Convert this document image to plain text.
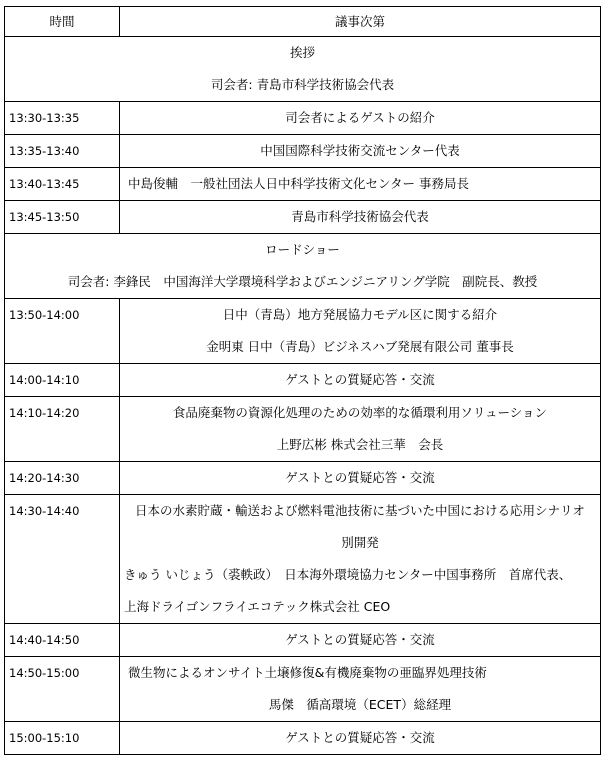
時間	議事次第

挨拶
司会者: 青島市科学技術協会代表	

13:30-13:35	司会者によるゲストの紹介

13:35-13:40	中国国際科学技術交流センター代表

13:40-13:45	中島俊輔　一般社団法人日中科学技術文化センター 事務局長

13:45-13:50	青島市科学技術協会代表

ロードショー
司会者: 李鋒民　中国海洋大学環境科学およびエンジニアリング学院　副院長、教授	

13:50-14:00	日中（青島）地方発展協力モデル区に関する紹介
金明東 日中（青島）ビジネスハブ発展有限公司 董事長

14:00-14:10	ゲストとの質疑応答・交流

14:10-14:20	食品廃棄物の資源化処理のための効率的な循環利用ソリューション
上野広彬 株式会社三華　会長

14:20-14:30	ゲストとの質疑応答・交流

14:30-14:40	日本の水素貯蔵・輸送および燃料電池技術に基づいた中国における応用シナリオ
別開発
きゅう いじょう（裘軼政）　日本海外環境協力センター中国事務所　首席代表、
上海ドライゴンフライエコテック株式会社 CEO

14:40-14:50	ゲストとの質疑応答・交流

14:50-15:00	微生物によるオンサイト土壌修復&有機廃棄物の亜臨界処理技術
馬傑　循高環境（ECET）総経理

15:00-15:10	ゲストとの質疑応答・交流
